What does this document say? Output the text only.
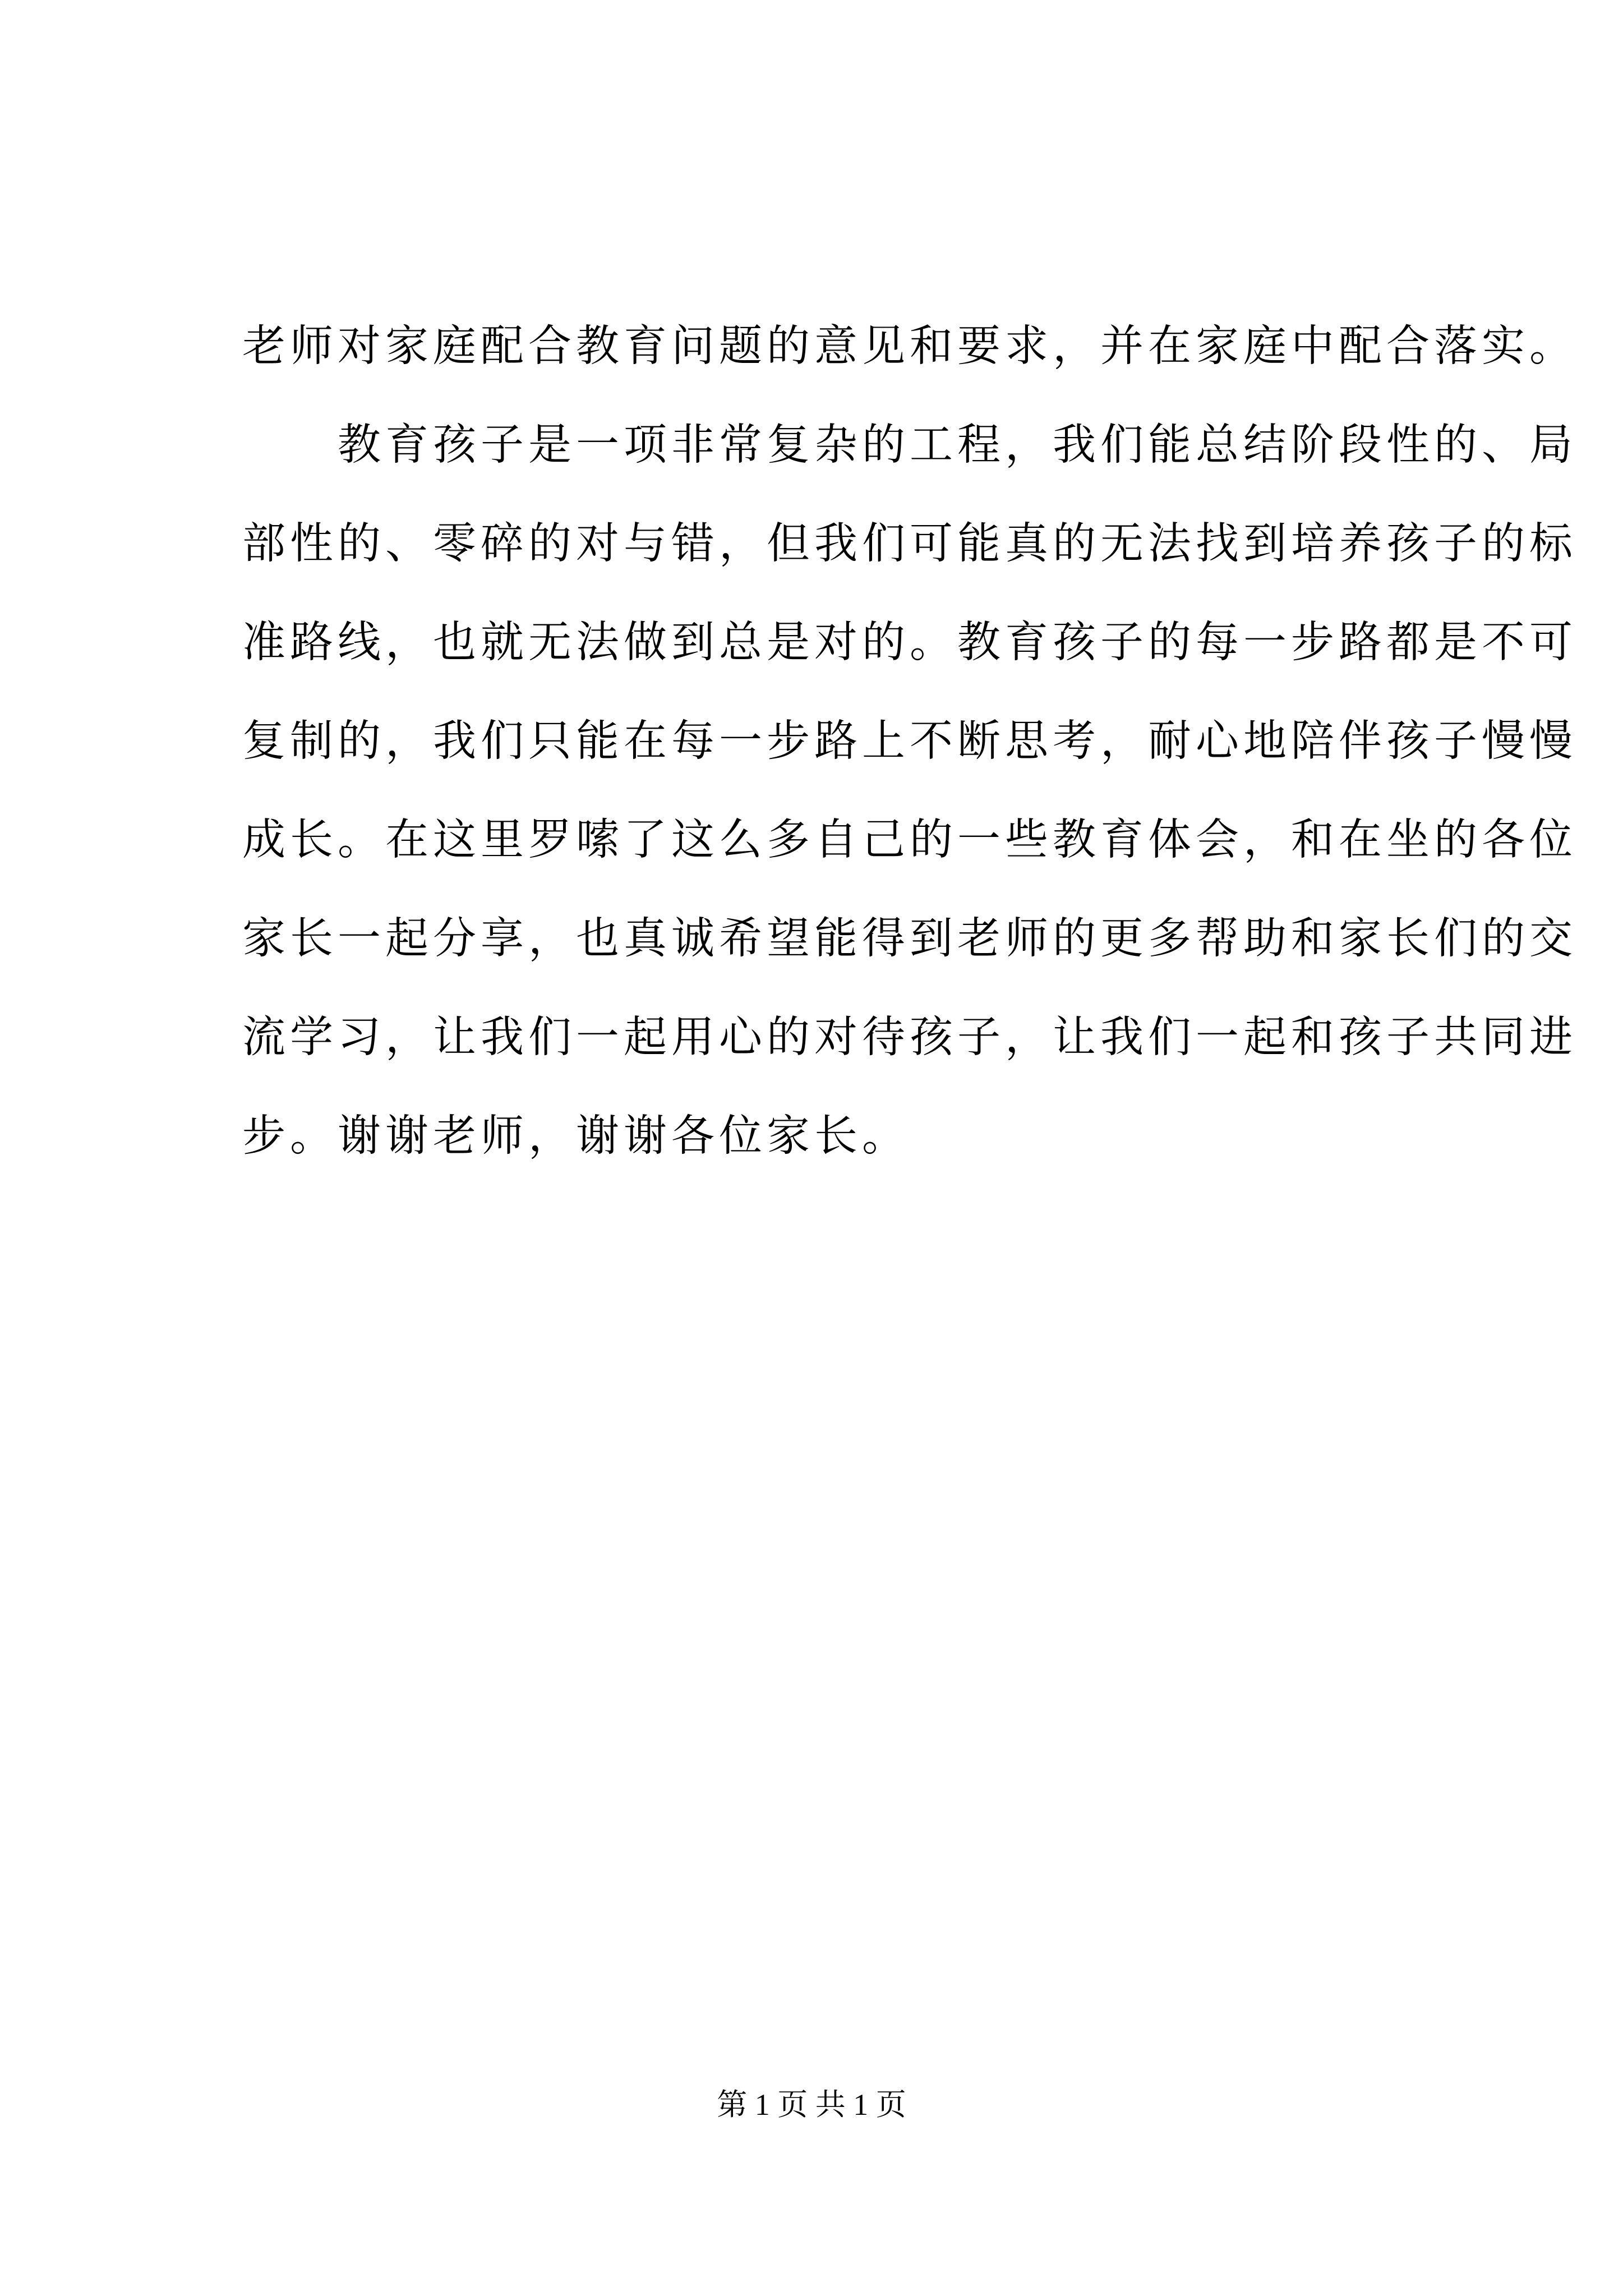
老师对家庭配合教育问题的意见和要求，并在家庭中配合落实。
　　教育孩子是一项非常复杂的工程，我们能总结阶段性的、局
部性的、零碎的对与错，但我们可能真的无法找到培养孩子的标
准路线，也就无法做到总是对的。教育孩子的每一步路都是不可
复制的，我们只能在每一步路上不断思考，耐心地陪伴孩子慢慢
成长。在这里罗嗦了这么多自己的一些教育体会，和在坐的各位
家长一起分享，也真诚希望能得到老师的更多帮助和家长们的交
流学习，让我们一起用心的对待孩子，让我们一起和孩子共同进
步。谢谢老师，谢谢各位家长。
第 1 页 共 1 页
